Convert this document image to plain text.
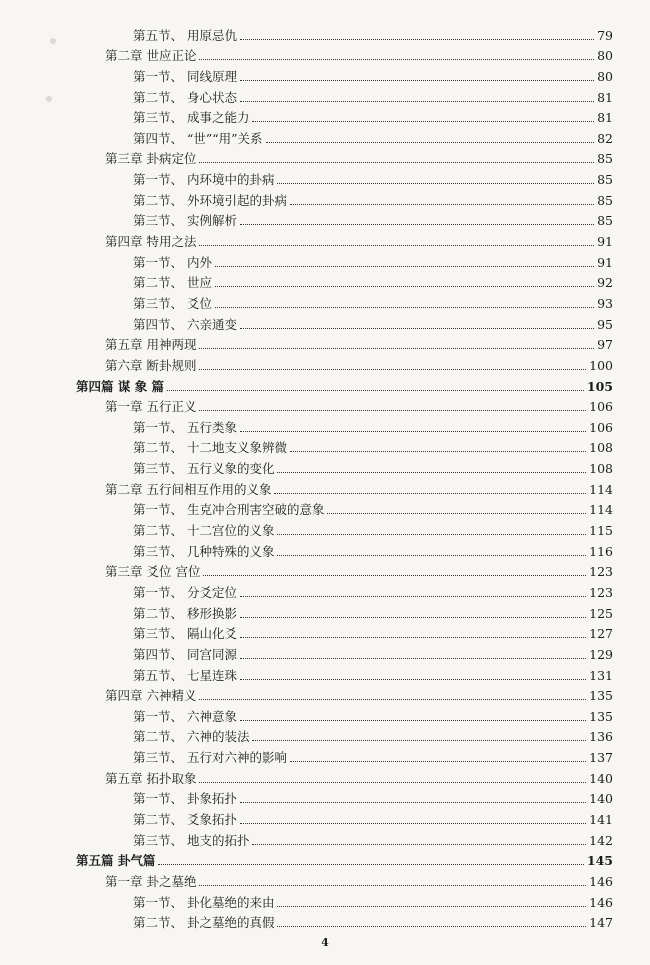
第五节、 用原忌仇	79
第二章 世应正论	80
第一节、 同线原理	80
第二节、 身心状态	81
第三节、 成事之能力	81
第四节、 “世”“用”关系	82
第三章 卦病定位	85
第一节、 内环境中的卦病	85
第二节、 外环境引起的卦病	85
第三节、 实例解析	85
第四章 特用之法	91
第一节、 内外	91
第二节、 世应	92
第三节、 爻位	93
第四节、 六亲通变	95
第五章 用神两现	97
第六章 断卦规则	100
第四篇 谋 象 篇	105
第一章 五行正义	106
第一节、 五行类象	106
第二节、 十二地支义象辨微	108
第三节、 五行义象的变化	108
第二章 五行间相互作用的义象	114
第一节、 生克冲合刑害空破的意象	114
第二节、 十二宫位的义象	115
第三节、 几种特殊的义象	116
第三章 爻位 宫位	123
第一节、 分爻定位	123
第二节、 移形换影	125
第三节、 隔山化爻	127
第四节、 同宫同源	129
第五节、 七星连珠	131
第四章 六神精义	135
第一节、 六神意象	135
第二节、 六神的装法	136
第三节、 五行对六神的影响	137
第五章 拓扑取象	140
第一节、 卦象拓扑	140
第二节、 爻象拓扑	141
第三节、 地支的拓扑	142
第五篇 卦气篇	145
第一章 卦之墓绝	146
第一节、 卦化墓绝的来由	146
第二节、 卦之墓绝的真假	147
4
